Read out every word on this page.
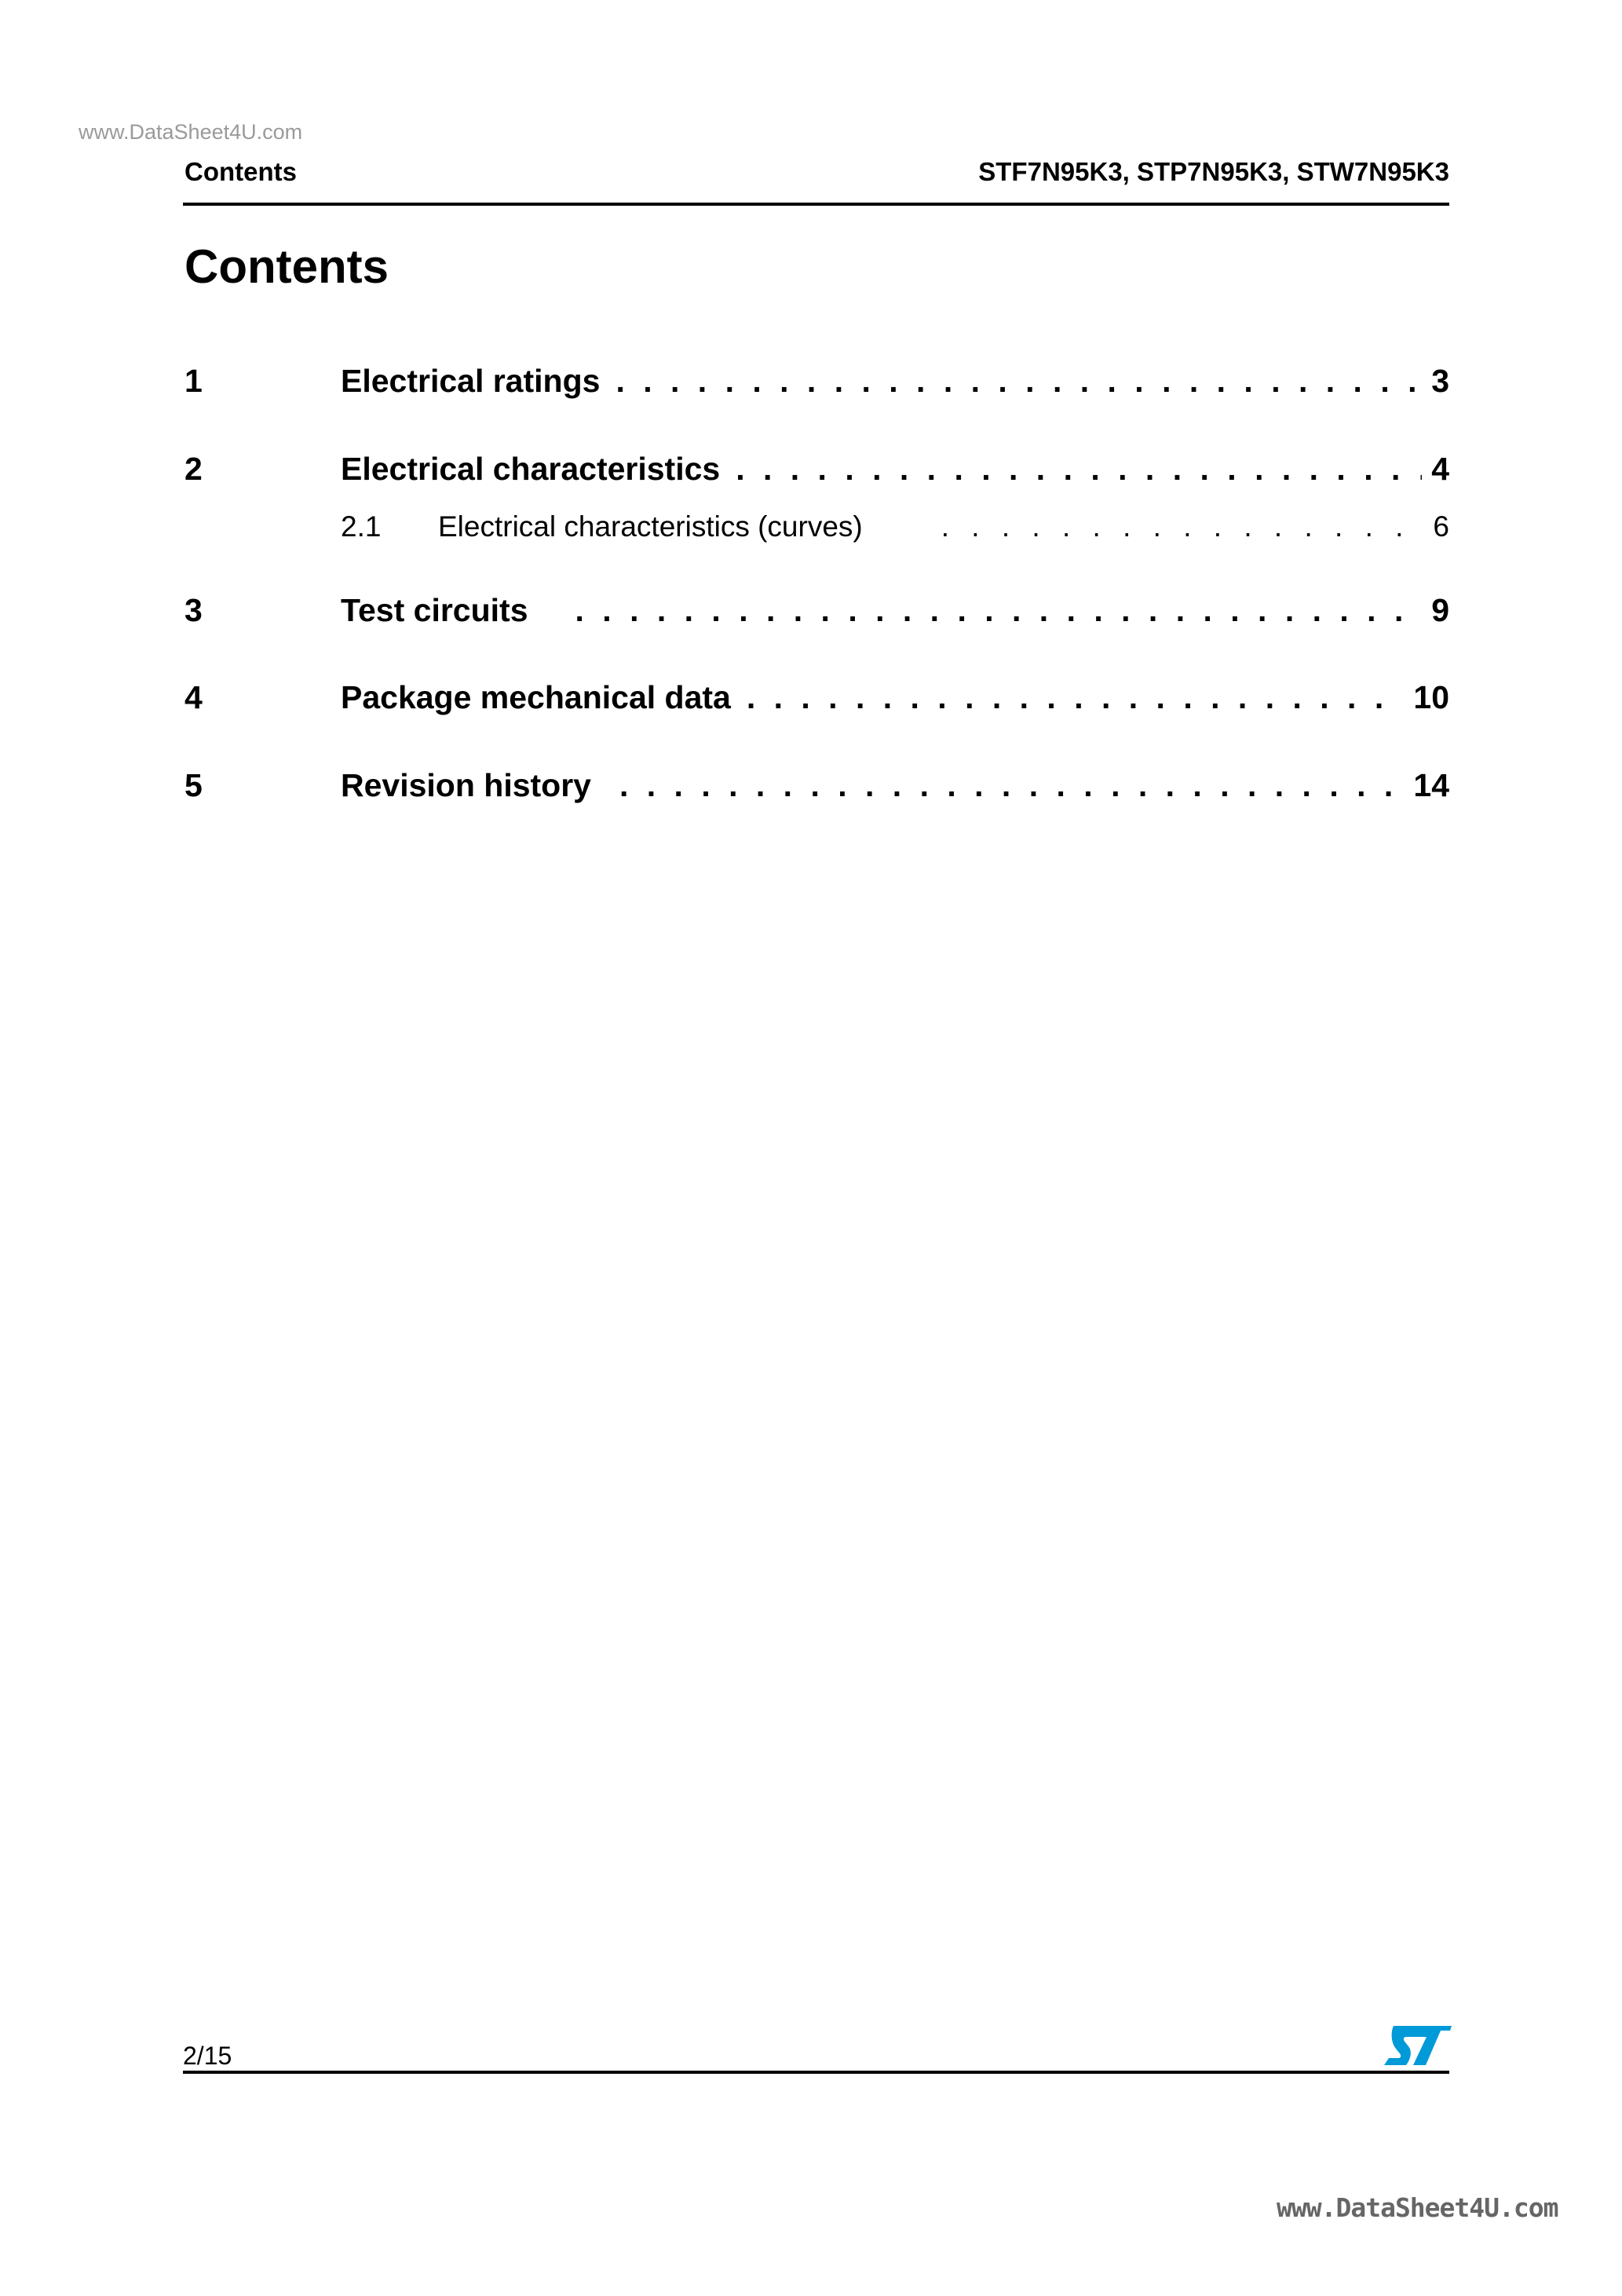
www.DataSheet4U.com
Contents	STF7N95K3, STP7N95K3, STW7N95K3
Contents
1	Electrical ratings . . .	3
2	Electrical characteristics . . .	4
2.1	Electrical characteristics (curves) . . .	6
3	Test circuits . . .	9
4	Package mechanical data . . .	10
5	Revision history . . .	14
2/15
www.DataSheet4U.com
